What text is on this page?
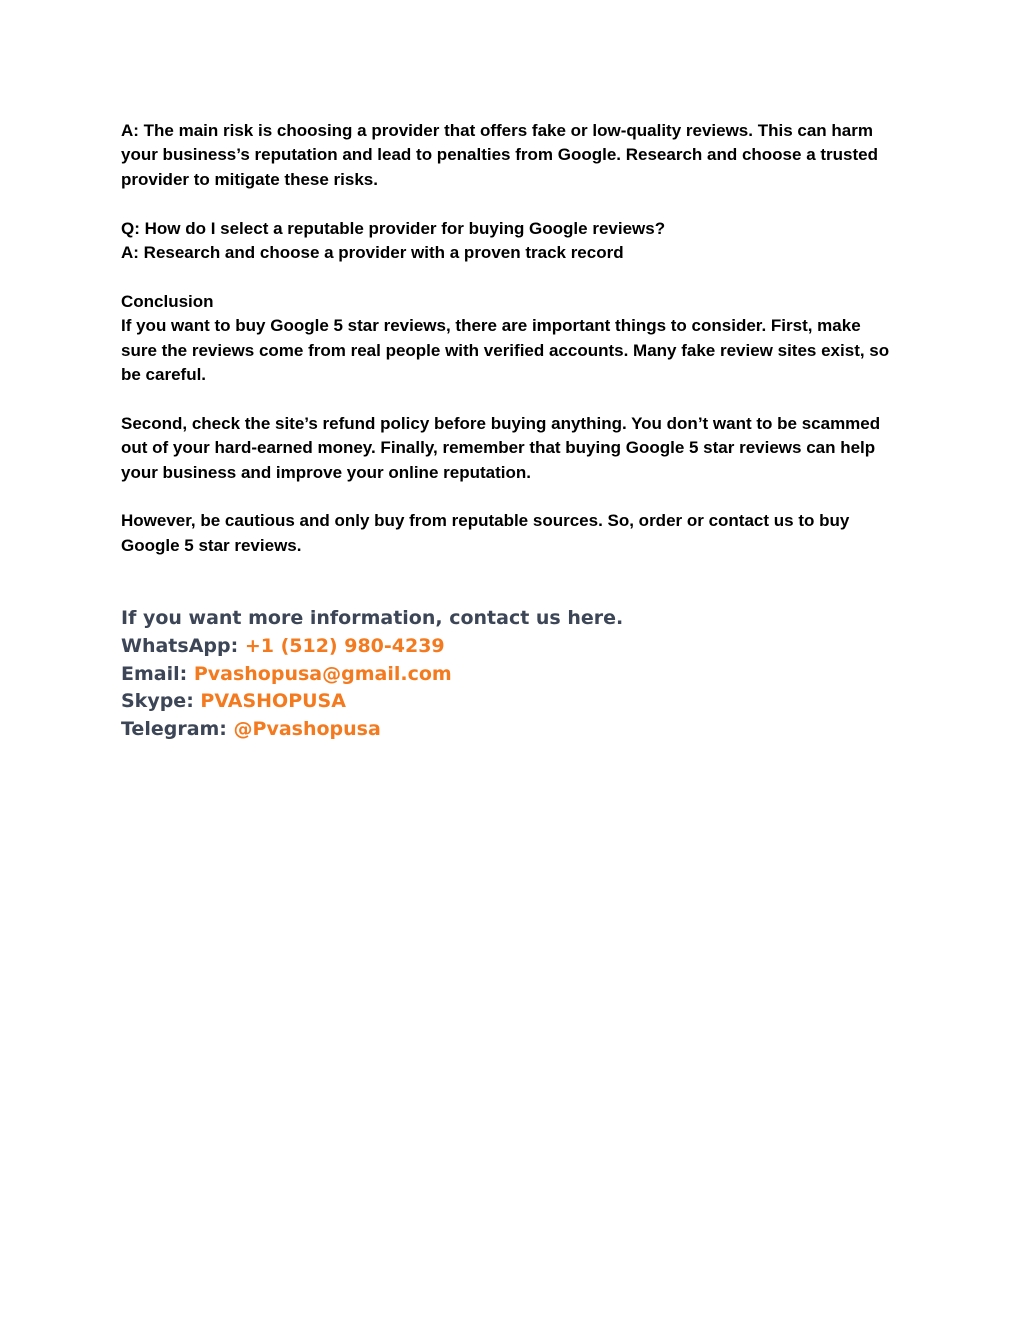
A: The main risk is choosing a provider that offers fake or low-quality reviews. This can harm your business’s reputation and lead to penalties from Google. Research and choose a trusted provider to mitigate these risks.

Q: How do I select a reputable provider for buying Google reviews?

A: Research and choose a provider with a proven track record

Conclusion

If you want to buy Google 5 star reviews, there are important things to consider. First, make sure the reviews come from real people with verified accounts. Many fake review sites exist, so be careful.

Second, check the site’s refund policy before buying anything. You don’t want to be scammed out of your hard-earned money. Finally, remember that buying Google 5 star reviews can help your business and improve your online reputation.

However, be cautious and only buy from reputable sources. So, order or contact us to buy Google 5 star reviews.

If you want more information, contact us here.

WhatsApp: +1 (512) 980-4239

Email: Pvashopusa@gmail.com

Skype: PVASHOPUSA

Telegram: @Pvashopusa
